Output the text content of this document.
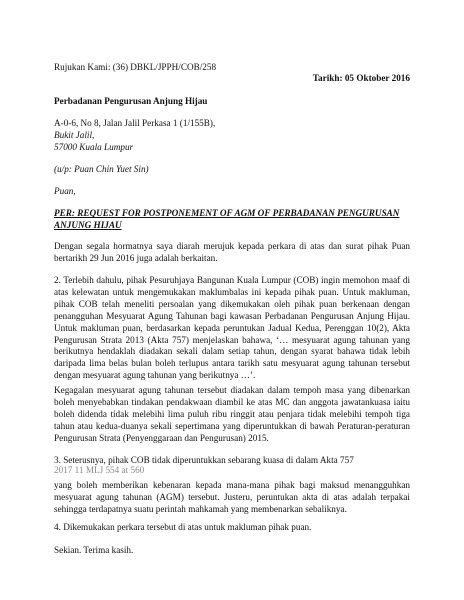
Rujukan Kami: (36) DBKL/JPPH/COB/258

Tarikh: 05 Oktober 2016

Perbadanan Pengurusan Anjung Hijau

A-0-6, No 8, Jalan Jalil Perkasa 1 (1/155B),

Bukit Jalil,

57000 Kuala Lumpur

(u/p: Puan Chin Yuet Sin)

Puan,

PER: REQUEST FOR POSTPONEMENT OF AGM OF PERBADANAN PENGURUSAN

ANJUNG HIJAU

Dengan segala hormatnya saya diarah merujuk kepada perkara di atas dan surat pihak Puan bertarikh 29 Jun 2016 juga adalah berkaitan.

2. Terlebih dahulu, pihak Pesuruhjaya Bangunan Kuala Lumpur (COB) ingin memohon maaf di atas kelewatan untuk mengemukakan maklumbalas ini kepada pihak puan. Untuk makluman, pihak COB telah meneliti persoalan yang dikemukakan oleh pihak puan berkenaan dengan penangguhan Mesyuarat Agung Tahunan bagi kawasan Perbadanan Pengurusan Anjung Hijau. Untuk makluman puan, berdasarkan kepada peruntukan Jadual Kedua, Perenggan 10(2), Akta Pengurusan Strata 2013 (Akta 757) menjelaskan bahawa, ‘… mesyuarat agung tahunan yang berikutnya hendaklah diadakan sekali dalam setiap tahun, dengan syarat bahawa tidak lebih daripada lima belas bulan boleh terlupus antara tarikh satu mesyuarat agung tahunan tersebut dengan mesyuarat agung tahunan yang berikutnya …’.

Kegagalan mesyuarat agung tahunan tersebut diadakan dalam tempoh masa yang dibenarkan boleh menyebabkan tindakan pendakwaan diambil ke atas MC dan anggota jawatankuasa iaitu boleh didenda tidak melebihi lima puluh ribu ringgit atau penjara tidak melebihi tempoh tiga tahun atau kedua-duanya sekali sepertimana yang diperuntukkan di bawah Peraturan-peraturan Pengurusan Strata (Penyenggaraan dan Pengurusan) 2015.

3. Seterusnya, pihak COB tidak diperuntukkan sebarang kuasa di dalam Akta 757

2017 11 MLJ 554 at 560

yang boleh memberikan kebenaran kepada mana-mana pihak bagi maksud menangguhkan mesyuarat agung tahunan (AGM) tersebut. Justeru, peruntukan akta di atas adalah terpakai sehingga terdapatnya suatu perintah mahkamah yang membenarkan sebaliknya.

4. Dikemukakan perkara tersebut di atas untuk makluman pihak puan.

Sekian. Terima kasih.
